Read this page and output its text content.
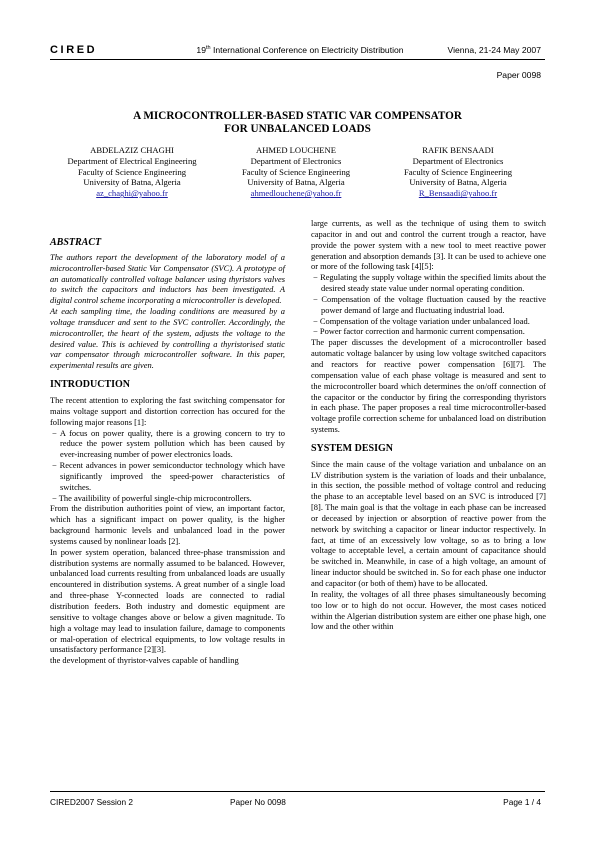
CIRED	19th International Conference on Electricity Distribution	Vienna, 21-24 May 2007
Paper 0098
A MICROCONTROLLER-BASED STATIC VAR COMPENSATOR
FOR UNBALANCED LOADS
ABDELAZIZ CHAGHI
Department of Electrical Engineering
Faculty of Science Engineering
University of Batna, Algeria
az_chaghi@yahoo.fr
AHMED LOUCHENE
Department of Electronics
Faculty of Science Engineering
University of Batna, Algeria
ahmedlouchene@yahoo.fr
RAFIK BENSAADI
Department of Electronics
Faculty of Science Engineering
University of Batna, Algeria
R_Bensaadi@yahoo.fr
ABSTRACT

The authors report the development of the laboratory model of a microcontroller-based Static Var Compensator (SVC). A prototype of an automatically controlled voltage balancer using thyristors valves to switch the capacitors and inductors has been investigated. A digital control scheme incorporating a microcontroller is developed.

At each sampling time, the loading conditions are measured by a voltage transducer and sent to the SVC controller. Accordingly, the microcontroller, the heart of the system, adjusts the voltage to the desired value. This is achieved by controlling a thyristorised static var compensator through microcontroller software. In this paper, experimental results are given.

INTRODUCTION

The recent attention to exploring the fast switching compensator for mains voltage support and distortion correction has occured for the following major reasons [1]:

− A focus on power quality, there is a growing concern to try to reduce the power system pollution which has been caused by ever-increasing number of power electronics loads.

− Recent advances in power semiconductor technology which have significantly improved the speed-power characteristics of switches.

− The availibility of powerful single-chip microcontrollers.

From the distribution authorities point of view, an important factor, which has a significant impact on power quality, is the higher background harmonic levels and unbalanced load in the power systems caused by nonlinear loads [2].

In power system operation, balanced three-phase transmission and distribution systems are normally assumed to be balanced. However, unbalanced load currents resulting from unbalanced loads are usually encountered in distribution systems. A great number of a single load and three-phase Y-connected loads are connected to radial distribution feeders. Both industry and domestic equipment are sensitive to voltage changes above or below a given magnitude. To high a voltage may lead to insulation failure, damage to components or mal-operation of electrical equipments, to low voltage results in unsatisfactory performance [2][3].

the development of thyristor-valves capable of handling

large currents, as well as the technique of using them to switch capacitor in and out and control the current trough a reactor, have provide the power system with a new tool to meet reactive power generation and absorption demands [3]. It can be used to achieve one or more of the following task [4][5]:

− Regulating the supply voltage within the specified limits about the desired steady state value under normal operating condition.

− Compensation of the voltage fluctuation caused by the reactive power demand of large and fluctuating industrial load.

− Compensation of the voltage variation under unbalanced load.

− Power factor correction and harmonic current compensation.

The paper discusses the development of a microcontroller based automatic voltage balancer by using low voltage switched capacitors and reactors for reactive power compensation [6][7]. The compensation value of each phase voltage is measured and sent to the microcontroller board which determines the on/off connection of the capacitor or the conductor by firing the corresponding thyristors in each phase. The paper proposes a real time microcontroller-based voltage profile correction scheme for unbalanced load on distribution systems.

SYSTEM DESIGN

Since the main cause of the voltage variation and unbalance on an LV distribution system is the variation of loads and their unbalance, in this section, the possible method of voltage control and reducing the phase to an acceptable level based on an SVC is introduced [7][8]. The main goal is that the voltage in each phase can be increased or deceased by injection or absorption of reactive power from the network by switching a capacitor or linear inductor respectively. In fact, at time of an excessively low voltage, so as to bring a low voltage to acceptable level, a certain amount of capacitance should be switched in. Meanwhile, in case of a high voltage, an amount of linear inductor should be switched in. So for each phase one inductor and capacitor (or both of them) have to be allocated.

In reality, the voltages of all three phases simultaneously becoming too low or to high do not occur. However, the most cases noticed within the Algerian distribution system are either one phase high, one low and the other within

CIRED2007 Session 2	Paper No 0098	Page 1 / 4
